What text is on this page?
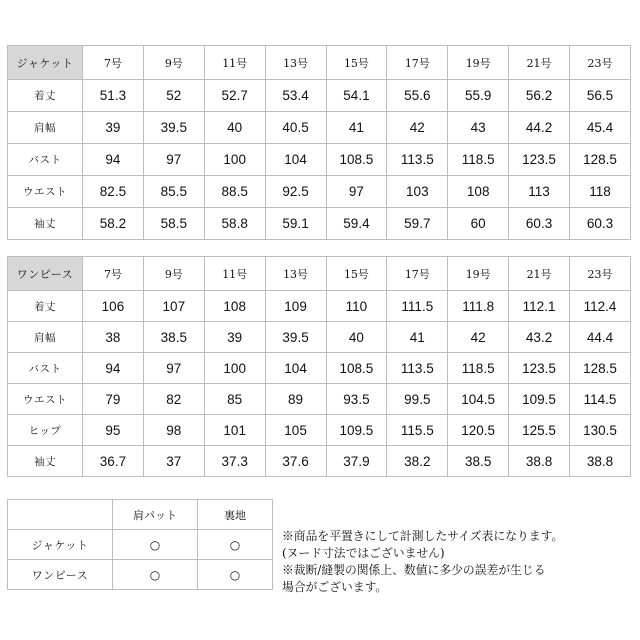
ジャケット	7号	9号	11号	13号	15号	17号	19号	21号	23号
着丈	51.3	52	52.7	53.4	54.1	55.6	55.9	56.2	56.5
肩幅	39	39.5	40	40.5	41	42	43	44.2	45.4
バスト	94	97	100	104	108.5	113.5	118.5	123.5	128.5
ウエスト	82.5	85.5	88.5	92.5	97	103	108	113	118
袖丈	58.2	58.5	58.8	59.1	59.4	59.7	60	60.3	60.3
ワンピース	7号	9号	11号	13号	15号	17号	19号	21号	23号
着丈	106	107	108	109	110	111.5	111.8	112.1	112.4
肩幅	38	38.5	39	39.5	40	41	42	43.2	44.4
バスト	94	97	100	104	108.5	113.5	118.5	123.5	128.5
ウエスト	79	82	85	89	93.5	99.5	104.5	109.5	114.5
ヒップ	95	98	101	105	109.5	115.5	120.5	125.5	130.5
袖丈	36.7	37	37.3	37.6	37.9	38.2	38.5	38.8	38.8
	肩パット	裏地
ジャケット	○	○
ワンピース	○	○
※商品を平置きにして計測したサイズ表になります。
(ヌード寸法ではございません)
※裁断/縫製の関係上、数値に多少の誤差が生じる
場合がございます。
